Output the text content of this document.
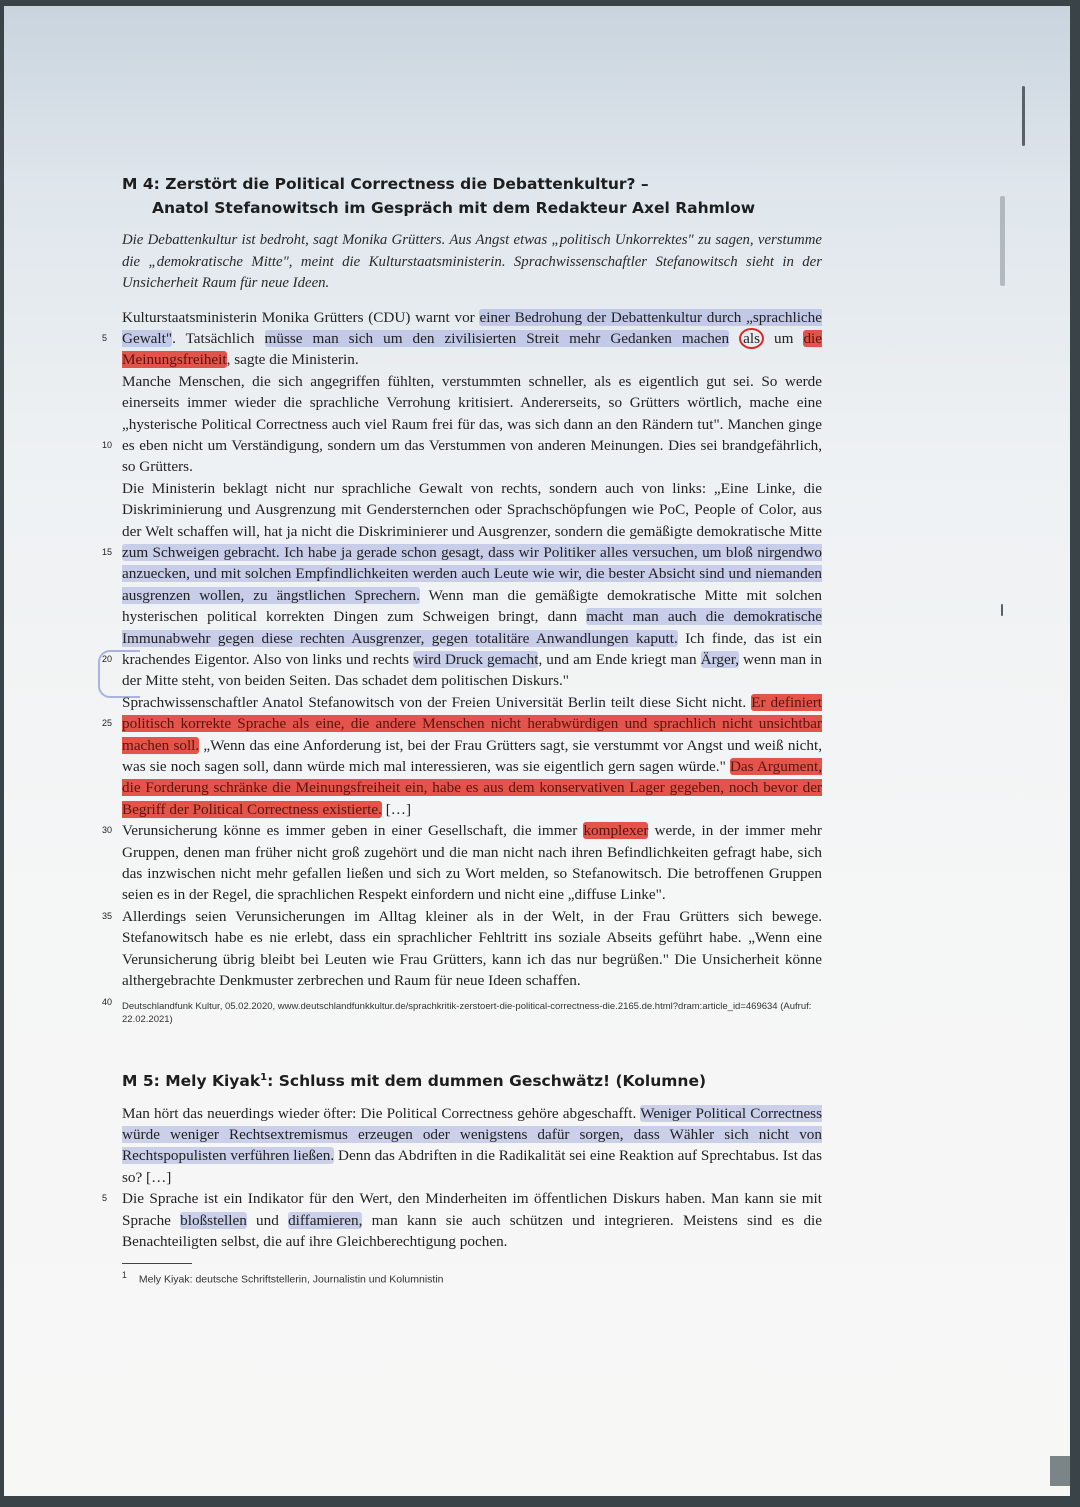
M 4: Zerstört die Political Correctness die Debattenkultur? –
Anatol Stefanowitsch im Gespräch mit dem Redakteur Axel Rahmlow

Die Debattenkultur ist bedroht, sagt Monika Grütters. Aus Angst etwas „politisch Unkorrektes" zu sagen, verstumme die „demokratische Mitte", meint die Kulturstaatsministerin. Sprachwissenschaftler Stefanowitsch sieht in der Unsicherheit Raum für neue Ideen.

5
Kulturstaatsministerin Monika Grütters (CDU) warnt vor einer Bedrohung der Debattenkultur durch „sprachliche Gewalt". Tatsächlich müsse man sich um den zivilisierten Streit mehr Gedanken machen als um die Meinungsfreiheit, sagte die Ministerin.

10
Manche Menschen, die sich angegriffen fühlten, verstummten schneller, als es eigentlich gut sei. So werde einerseits immer wieder die sprachliche Verrohung kritisiert. Andererseits, so Grütters wörtlich, mache eine „hysterische Political Correctness auch viel Raum frei für das, was sich dann an den Rändern tut". Manchen ginge es eben nicht um Verständigung, sondern um das Verstummen von anderen Meinungen. Dies sei brandgefährlich, so Grütters.

15
20
Die Ministerin beklagt nicht nur sprachliche Gewalt von rechts, sondern auch von links: „Eine Linke, die Diskriminierung und Ausgrenzung mit Gendersternchen oder Sprachschöpfungen wie PoC, People of Color, aus der Welt schaffen will, hat ja nicht die Diskriminierer und Ausgrenzer, sondern die gemäßigte demokratische Mitte zum Schweigen gebracht. Ich habe ja gerade schon gesagt, dass wir Politiker alles versuchen, um bloß nirgendwo anzuecken, und mit solchen Empfindlichkeiten werden auch Leute wie wir, die bester Absicht sind und niemanden ausgrenzen wollen, zu ängstlichen Sprechern. Wenn man die gemäßigte demokratische Mitte mit solchen hysterischen political korrekten Dingen zum Schweigen bringt, dann macht man auch die demokratische Immunabwehr gegen diese rechten Ausgrenzer, gegen totalitäre Anwandlungen kaputt. Ich finde, das ist ein krachendes Eigentor. Also von links und rechts wird Druck gemacht, und am Ende kriegt man Ärger, wenn man in der Mitte steht, von beiden Seiten. Das schadet dem politischen Diskurs."

25
30
Sprachwissenschaftler Anatol Stefanowitsch von der Freien Universität Berlin teilt diese Sicht nicht. Er definiert politisch korrekte Sprache als eine, die andere Menschen nicht herabwürdigen und sprachlich nicht unsichtbar machen soll. „Wenn das eine Anforderung ist, bei der Frau Grütters sagt, sie verstummt vor Angst und weiß nicht, was sie noch sagen soll, dann würde mich mal interessieren, was sie eigentlich gern sagen würde." Das Argument, die Forderung schränke die Meinungsfreiheit ein, habe es aus dem konservativen Lager gegeben, noch bevor der Begriff der Political Correctness existierte. […]

35
Verunsicherung könne es immer geben in einer Gesellschaft, die immer komplexer werde, in der immer mehr Gruppen, denen man früher nicht groß zugehört und die man nicht nach ihren Befindlichkeiten gefragt habe, sich das inzwischen nicht mehr gefallen ließen und sich zu Wort melden, so Stefanowitsch. Die betroffenen Gruppen seien es in der Regel, die sprachlichen Respekt einfordern und nicht eine „diffuse Linke".

40
Allerdings seien Verunsicherungen im Alltag kleiner als in der Welt, in der Frau Grütters sich bewege. Stefanowitsch habe es nie erlebt, dass ein sprachlicher Fehltritt ins soziale Abseits geführt habe. „Wenn eine Verunsicherung übrig bleibt bei Leuten wie Frau Grütters, kann ich das nur begrüßen." Die Unsicherheit könne althergebrachte Denkmuster zerbrechen und Raum für neue Ideen schaffen.

Deutschlandfunk Kultur, 05.02.2020, www.deutschlandfunkkultur.de/sprachkritik-zerstoert-die-political-correctness-die.2165.de.html?dram:article_id=469634 (Aufruf: 22.02.2021)

M 5: Mely Kiyak$^1$: Schluss mit dem dummen Geschwätz! (Kolumne)

Man hört das neuerdings wieder öfter: Die Political Correctness gehöre abgeschafft. Weniger Political Correctness würde weniger Rechtsextremismus erzeugen oder wenigstens dafür sorgen, dass Wähler sich nicht von Rechtspopulisten verführen ließen. Denn das Abdriften in die Radikalität sei eine Reaktion auf Sprechtabus. Ist das so? […]

5 Die Sprache ist ein Indikator für den Wert, den Minderheiten im öffentlichen Diskurs haben. Man kann sie mit Sprache bloßstellen und diffamieren, man kann sie auch schützen und integrieren. Meistens sind es die Benachteiligten selbst, die auf ihre Gleichberechtigung pochen.

$^1$ Mely Kiyak: deutsche Schriftstellerin, Journalistin und Kolumnistin
